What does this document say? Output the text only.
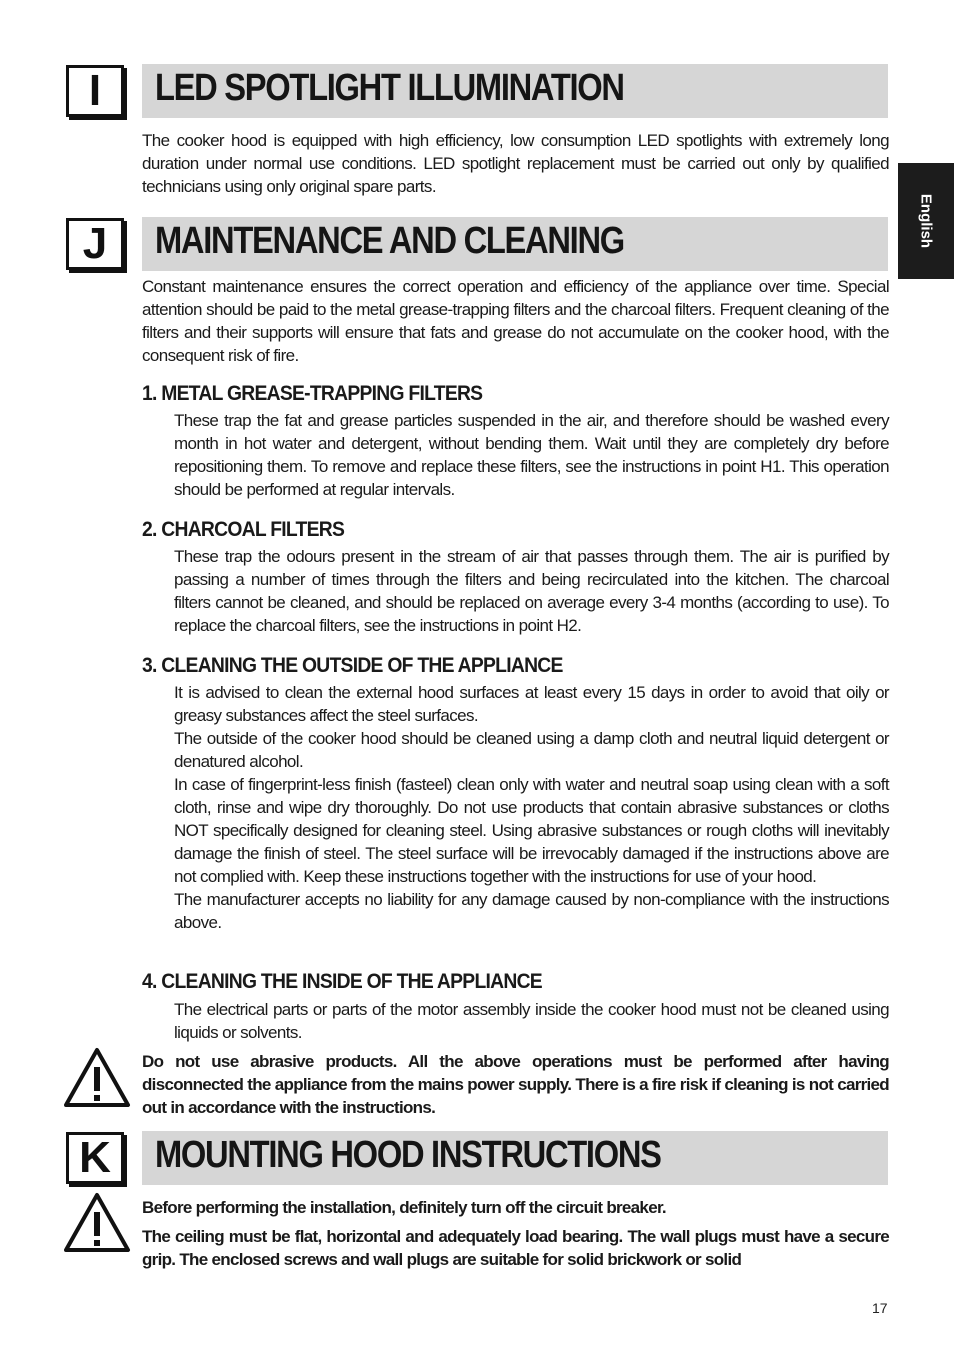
English
I	LED SPOTLIGHT ILLUMINATION
The cooker hood is equipped with high efficiency, low consumption LED spotlights with extremely long duration under normal use conditions. LED spotlight replacement must be carried out only by qualified technicians using only original spare parts.
J	MAINTENANCE AND CLEANING
Constant maintenance ensures the correct operation and efficiency of the appliance over time. Special attention should be paid to the metal grease-trapping filters and the charcoal filters. Frequent cleaning of the filters and their supports will ensure that fats and grease do not accumulate on the cooker hood, with the consequent risk of fire.
1. METAL GREASE-TRAPPING FILTERS
These trap the fat and grease particles suspended in the air, and therefore should be washed every month in hot water and detergent, without bending them. Wait until they are completely dry before repositioning them. To remove and replace these filters, see the instructions in point H1. This operation should be performed at regular intervals.
2. CHARCOAL FILTERS
These trap the odours present in the stream of air that passes through them. The air is purified by passing a number of times through the filters and being recirculated into the kitchen. The charcoal filters cannot be cleaned, and should be replaced on average every 3-4 months (according to use). To replace the charcoal filters, see the instructions in point H2.
3. CLEANING THE OUTSIDE OF THE APPLIANCE

It is advised to clean the external hood surfaces at least every 15 days in order to avoid that oily or greasy substances affect the steel surfaces.

The outside of the cooker hood should be cleaned using a damp cloth and neutral liquid detergent or denatured alcohol.

In case of fingerprint-less finish (fasteel) clean only with water and neutral soap using clean with a soft cloth, rinse and wipe dry thoroughly. Do not use products that contain abrasive substances or cloths NOT specifically designed for cleaning steel. Using abrasive substances or rough cloths will inevitably damage the finish of steel. The steel surface will be irrevocably damaged if the instructions above are not complied with. Keep these instructions together with the instructions for use of your hood.

The manufacturer accepts no liability for any damage caused by non-compliance with the instructions above.

4. CLEANING THE INSIDE OF THE APPLIANCE
The electrical parts or parts of the motor assembly inside the cooker hood must not be cleaned using liquids or solvents.
Do not use abrasive products. All the above operations must be performed after having disconnected the appliance from the mains power supply. There is a fire risk if cleaning is not carried out in accordance with the instructions.
K	MOUNTING HOOD INSTRUCTIONS
Before performing the installation, definitely turn off the circuit breaker.
The ceiling must be flat, horizontal and adequately load bearing. The wall plugs must have a secure grip. The enclosed screws and wall plugs are suitable for solid brickwork or solid
17
